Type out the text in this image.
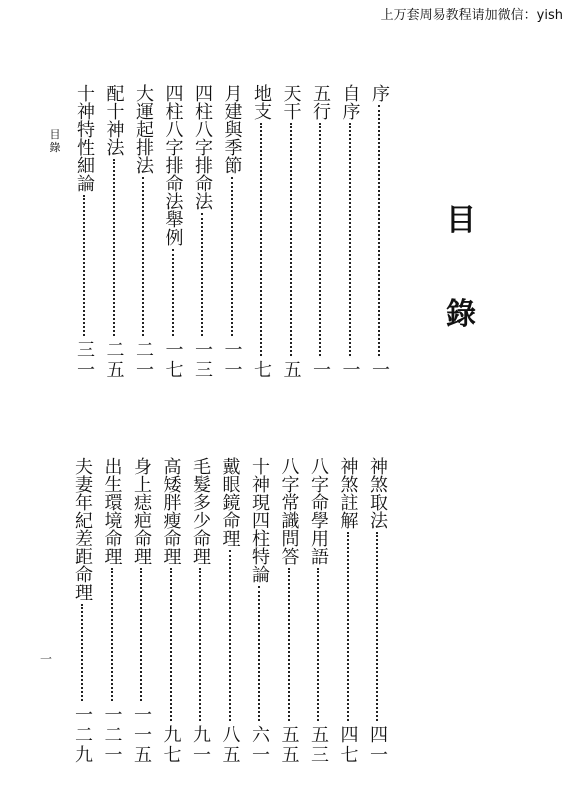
上万套周易教程请加微信：yish
目
錄
目錄
序
一
自序
一
五行
一
天干
五
地支
七
月建與季節
一一
四柱八字排命法
一三
四柱八字排命法舉例
一七
大運起排法
二一
配十神法
二五
十神特性細論
三一
神煞取法
四一
神煞註解
四七
八字命學用語
五三
八字常識問答
五五
十神現四柱特論
六一
戴眼鏡命理
八五
毛髮多少命理
九一
高矮胖瘦命理
九七
身上痣疤命理
一一五
出生環境命理
一二一
夫妻年紀差距命理
一二九
一
